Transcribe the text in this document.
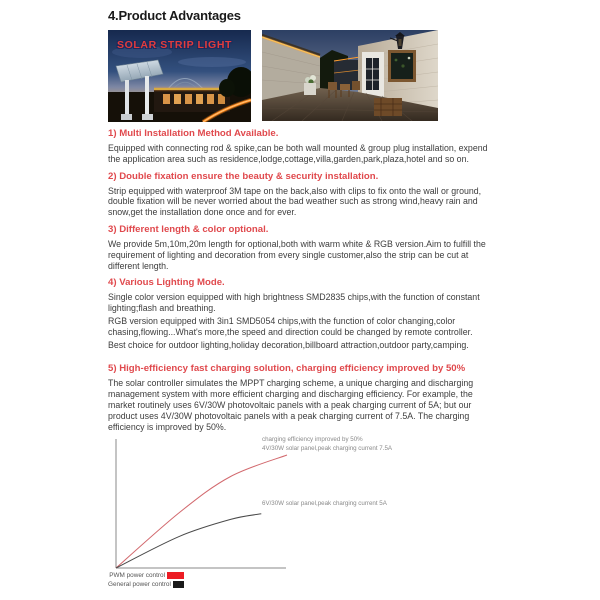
4.Product Advantages
SOLAR STRIP LIGHT
1) Multi Installation Method Available.

Equipped with connecting rod & spike,can be both wall mounted & group plug installation, expend the application area such as residence,lodge,cottage,villa,garden,park,plaza,hotel and so on.

2) Double fixation ensure the beauty & security installation.

Strip equipped with waterproof 3M tape on the back,also with clips to fix onto the wall or ground, double fixation will be never worried about the bad weather such as strong wind,heavy rain and snow,get the installation done once and for ever.

3) Different length & color optional.

We provide 5m,10m,20m length for optional,both with warm white & RGB version.Aim to fulfill the requirement of lighting and decoration from every single customer,also the strip can be cut at different length.

4) Various Lighting Mode.

Single color version equipped with high brightness SMD2835 chips,with the function of constant lighting;flash and breathing.

RGB version equipped with 3in1 SMD5054 chips,with the function of color changing,color chasing,flowing...What's more,the speed and direction could be changed by remote controller.

Best choice for outdoor lighting,holiday decoration,billboard attraction,outdoor party,camping.

5) High-efficiency fast charging solution, charging efficiency improved by 50%

The solar controller simulates the MPPT charging scheme, a unique charging and discharging management system with more efficient charging and discharging efficiency. For example, the market routinely uses 6V/30W photovoltaic panels with a peak charging current of 5A; but our product uses 4V/30W photovoltaic panels with a peak charging current of 7.5A. The charging efficiency is improved by 50%.

charging efficiency improved by 50%
4V/30W solar panel,peak charging current 7.5A
6V/30W solar panel,peak charging current 5A
PWM power control
General power control
